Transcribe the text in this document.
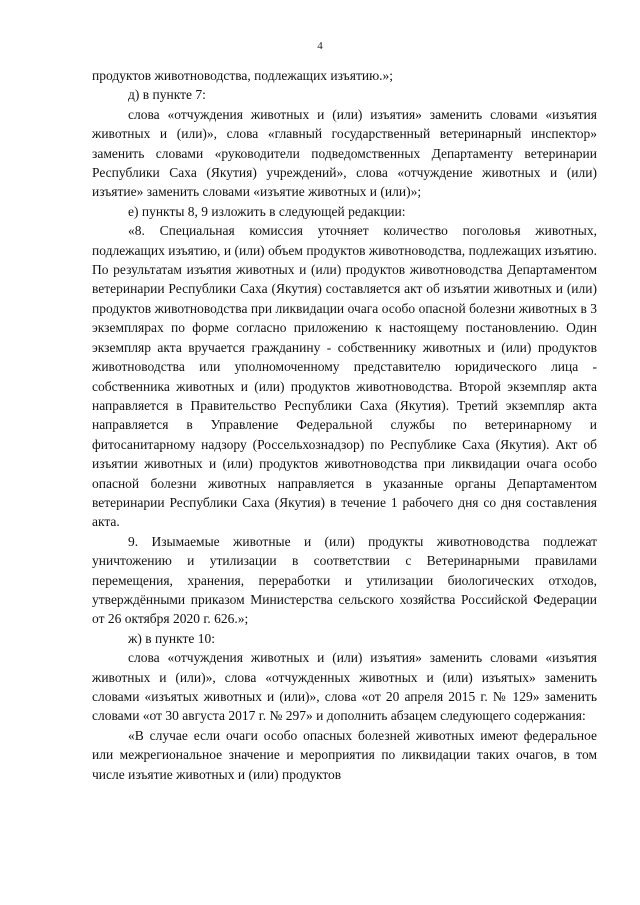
4

продуктов животноводства, подлежащих изъятию.»;

д) в пункте 7:

слова «отчуждения животных и (или) изъятия» заменить словами «изъятия животных и (или)», слова «главный государственный ветеринарный инспектор» заменить словами «руководители подведомственных Департаменту ветеринарии Республики Саха (Якутия) учреждений», слова «отчуждение животных и (или) изъятие» заменить словами «изъятие животных и (или)»;

е) пункты 8, 9 изложить в следующей редакции:

«8. Специальная комиссия уточняет количество поголовья животных, подлежащих изъятию, и (или) объем продуктов животноводства, подлежащих изъятию. По результатам изъятия животных и (или) продуктов животноводства Департаментом ветеринарии Республики Саха (Якутия) составляется акт об изъятии животных и (или) продуктов животноводства при ликвидации очага особо опасной болезни животных в 3 экземплярах по форме согласно приложению к настоящему постановлению. Один экземпляр акта вручается гражданину - собственнику животных и (или) продуктов животноводства или уполномоченному представителю юридического лица - собственника животных и (или) продуктов животноводства. Второй экземпляр акта направляется в Правительство Республики Саха (Якутия). Третий экземпляр акта направляется в Управление Федеральной службы по ветеринарному и фитосанитарному надзору (Россельхознадзор) по Республике Саха (Якутия). Акт об изъятии животных и (или) продуктов животноводства при ликвидации очага особо опасной болезни животных направляется в указанные органы Департаментом ветеринарии Республики Саха (Якутия) в течение 1 рабочего дня со дня составления акта.

9. Изымаемые животные и (или) продукты животноводства подлежат уничтожению и утилизации в соответствии с Ветеринарными правилами перемещения, хранения, переработки и утилизации биологических отходов, утверждёнными приказом Министерства сельского хозяйства Российской Федерации от 26 октября 2020 г. 626.»;

ж) в пункте 10:

слова «отчуждения животных и (или) изъятия» заменить словами «изъятия животных и (или)», слова «отчужденных животных и (или) изъятых» заменить словами «изъятых животных и (или)», слова «от 20 апреля 2015 г. № 129» заменить словами «от 30 августа 2017 г. № 297» и дополнить абзацем следующего содержания:

«В случае если очаги особо опасных болезней животных имеют федеральное или межрегиональное значение и мероприятия по ликвидации таких очагов, в том числе изъятие животных и (или) продуктов
